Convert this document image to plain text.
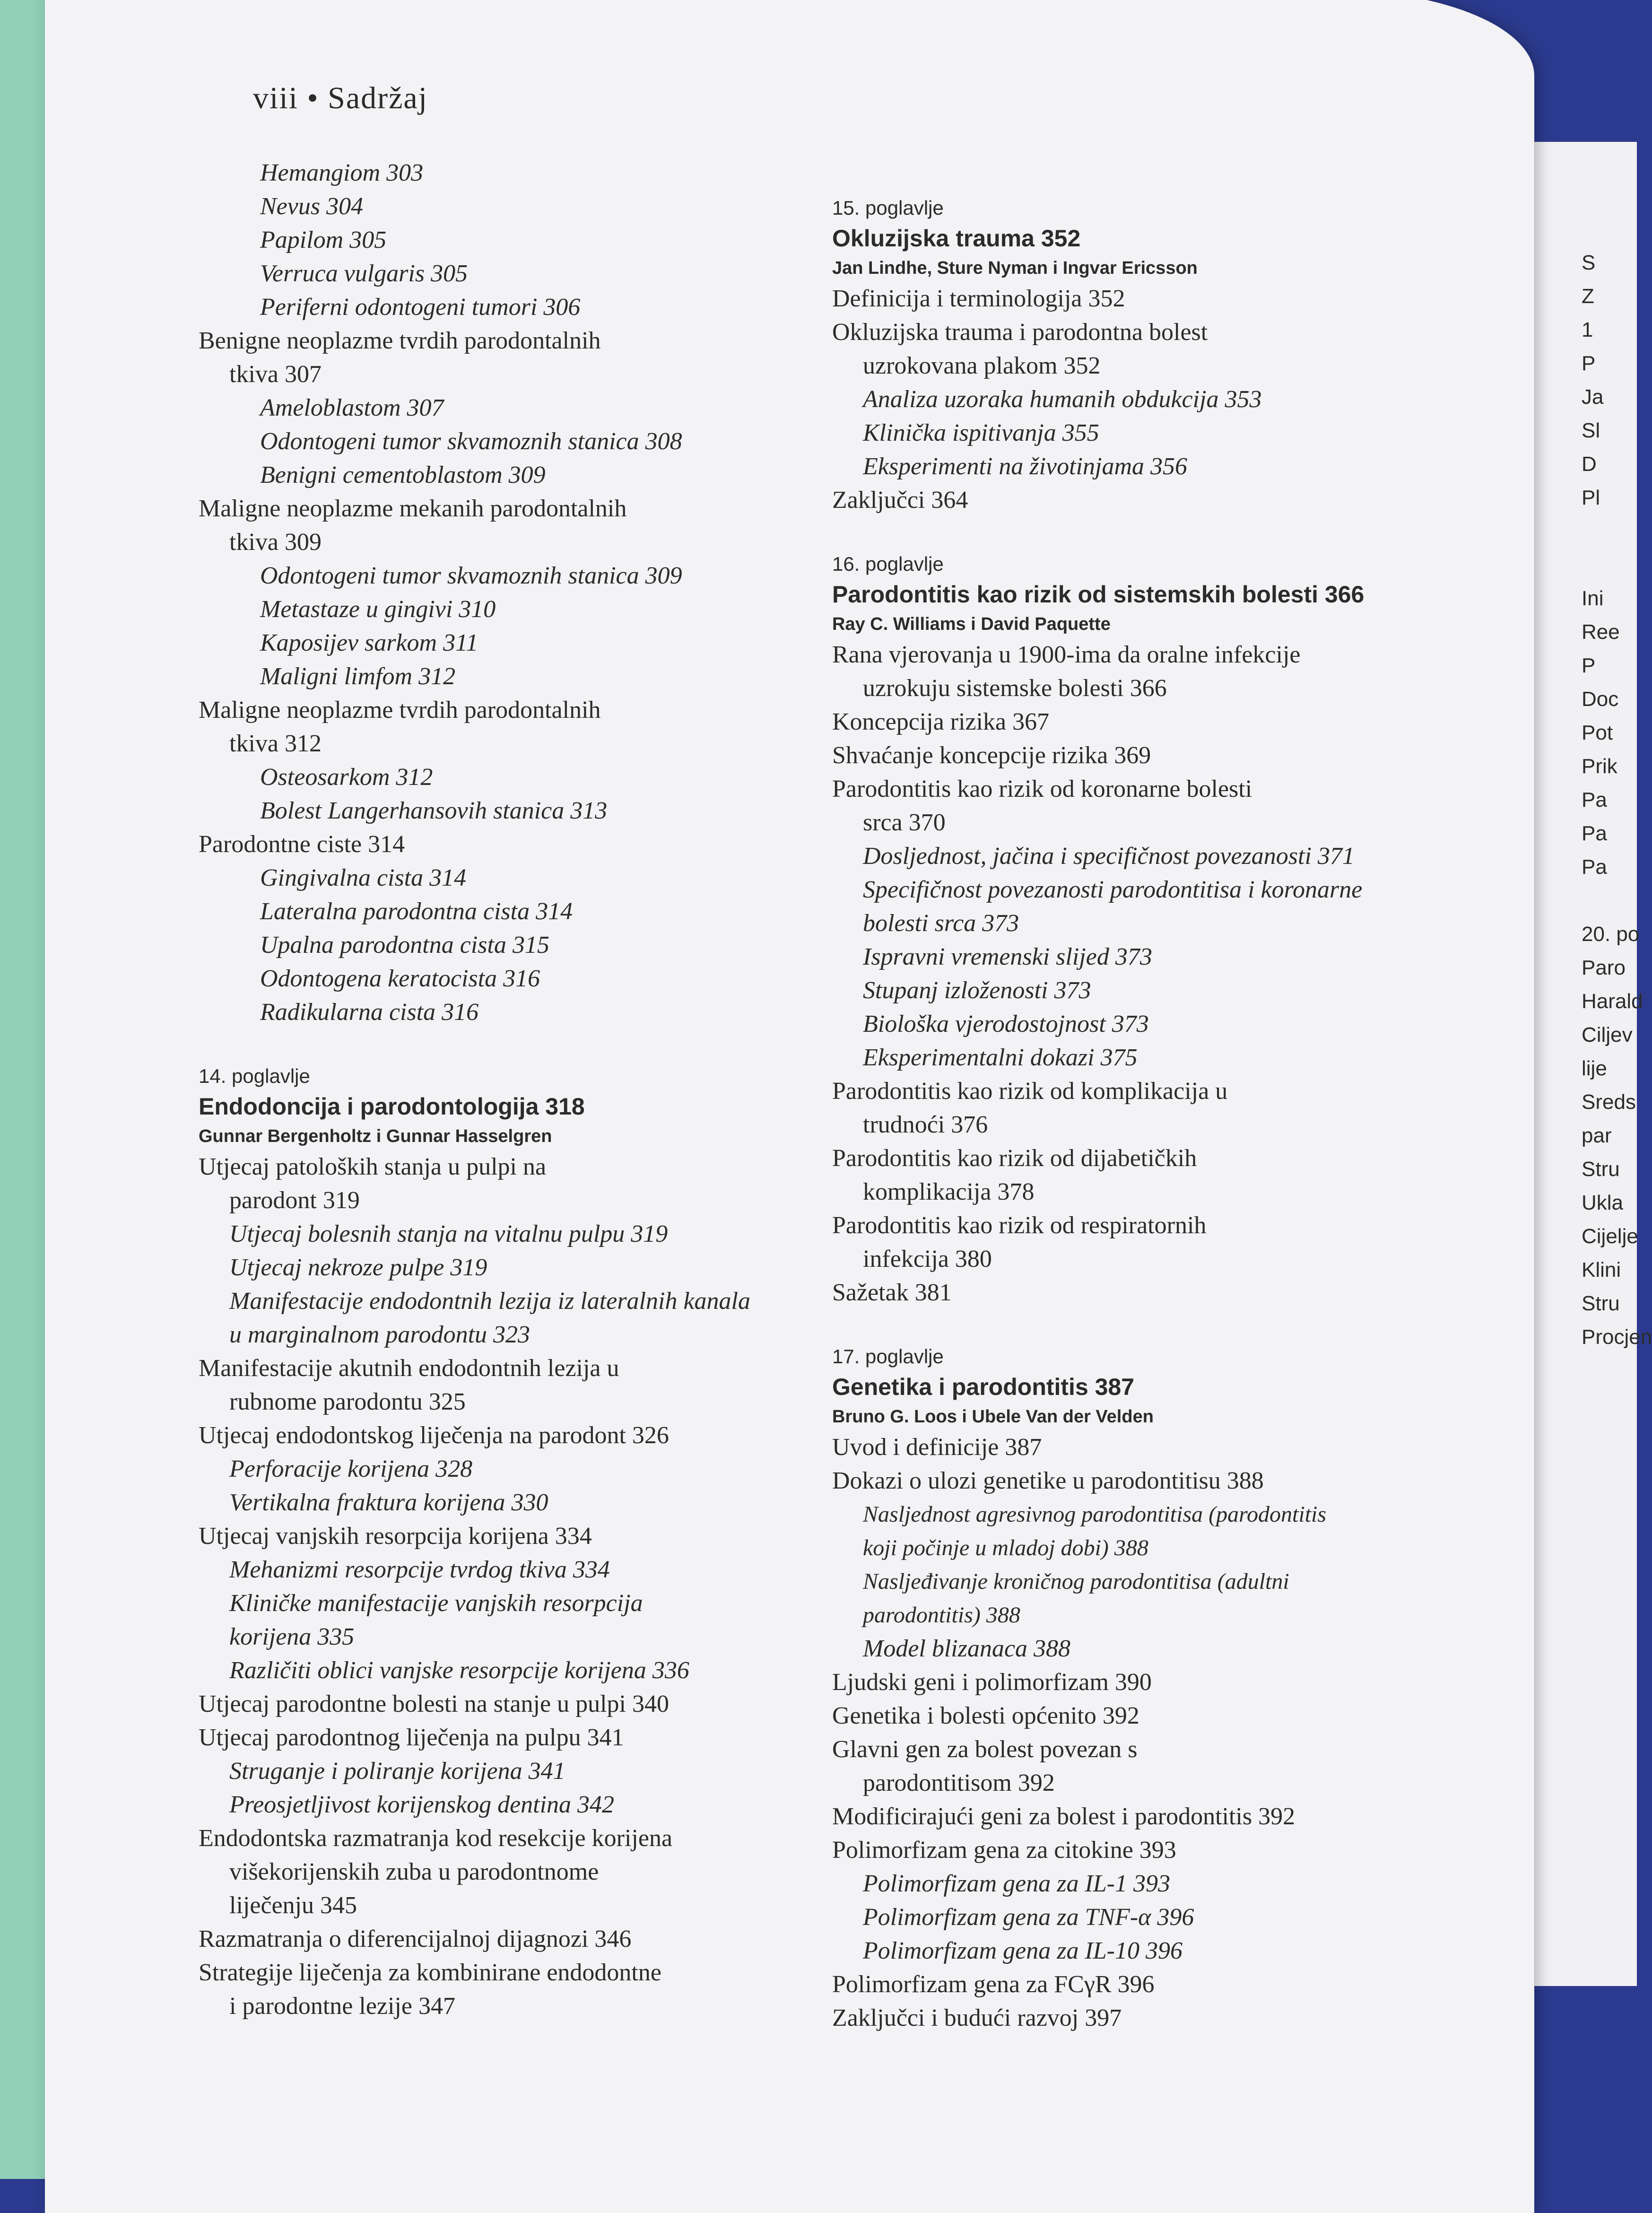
viii • Sadržaj
Hemangiom 303
Nevus 304
Papilom 305
Verruca vulgaris 305
Periferni odontogeni tumori 306
Benigne neoplazme tvrdih parodontalnih
tkiva 307
Ameloblastom 307
Odontogeni tumor skvamoznih stanica 308
Benigni cementoblastom 309
Maligne neoplazme mekanih parodontalnih
tkiva 309
Odontogeni tumor skvamoznih stanica 309
Metastaze u gingivi 310
Kaposijev sarkom 311
Maligni limfom 312
Maligne neoplazme tvrdih parodontalnih
tkiva 312
Osteosarkom 312
Bolest Langerhansovih stanica 313
Parodontne ciste 314
Gingivalna cista 314
Lateralna parodontna cista 314
Upalna parodontna cista 315
Odontogena keratocista 316
Radikularna cista 316
14. poglavlje
Endodoncija i parodontologija 318
Gunnar Bergenholtz i Gunnar Hasselgren
Utjecaj patoloških stanja u pulpi na
parodont 319
Utjecaj bolesnih stanja na vitalnu pulpu 319
Utjecaj nekroze pulpe 319
Manifestacije endodontnih lezija iz lateralnih kanala
u marginalnom parodontu 323
Manifestacije akutnih endodontnih lezija u
rubnome parodontu 325
Utjecaj endodontskog liječenja na parodont 326
Perforacije korijena 328
Vertikalna fraktura korijena 330
Utjecaj vanjskih resorpcija korijena 334
Mehanizmi resorpcije tvrdog tkiva 334
Kliničke manifestacije vanjskih resorpcija
korijena 335
Različiti oblici vanjske resorpcije korijena 336
Utjecaj parodontne bolesti na stanje u pulpi 340
Utjecaj parodontnog liječenja na pulpu 341
Struganje i poliranje korijena 341
Preosjetljivost korijenskog dentina 342
Endodontska razmatranja kod resekcije korijena
višekorijenskih zuba u parodontnome
liječenju 345
Razmatranja o diferencijalnoj dijagnozi 346
Strategije liječenja za kombinirane endodontne
i parodontne lezije 347
15. poglavlje
Okluzijska trauma 352
Jan Lindhe, Sture Nyman i Ingvar Ericsson
Definicija i terminologija 352
Okluzijska trauma i parodontna bolest
uzrokovana plakom 352
Analiza uzoraka humanih obdukcija 353
Klinička ispitivanja 355
Eksperimenti na životinjama 356
Zaključci 364
16. poglavlje
Parodontitis kao rizik od sistemskih bolesti 366
Ray C. Williams i David Paquette
Rana vjerovanja u 1900-ima da oralne infekcije
uzrokuju sistemske bolesti 366
Koncepcija rizika 367
Shvaćanje koncepcije rizika 369
Parodontitis kao rizik od koronarne bolesti
srca 370
Dosljednost, jačina i specifičnost povezanosti 371
Specifičnost povezanosti parodontitisa i koronarne
bolesti srca 373
Ispravni vremenski slijed 373
Stupanj izloženosti 373
Biološka vjerodostojnost 373
Eksperimentalni dokazi 375
Parodontitis kao rizik od komplikacija u
trudnoći 376
Parodontitis kao rizik od dijabetičkih
komplikacija 378
Parodontitis kao rizik od respiratornih
infekcija 380
Sažetak 381
17. poglavlje
Genetika i parodontitis 387
Bruno G. Loos i Ubele Van der Velden
Uvod i definicije 387
Dokazi o ulozi genetike u parodontitisu 388
Nasljednost agresivnog parodontitisa (parodontitis
koji počinje u mladoj dobi) 388
Nasljeđivanje kroničnog parodontitisa (adultni
parodontitis) 388
Model blizanaca 388
Ljudski geni i polimorfizam 390
Genetika i bolesti općenito 392
Glavni gen za bolest povezan s
parodontitisom 392
Modificirajući geni za bolest i parodontitis 392
Polimorfizam gena za citokine 393
Polimorfizam gena za IL-1 393
Polimorfizam gena za TNF-α 396
Polimorfizam gena za IL-10 396
Polimorfizam gena za FCγR 396
Zaključci i budući razvoj 397
S
Z
1
P
Ja
Sl
D
Pl

Ini
Ree
P
Doc
Pot
Prik
Pa
Pa
Pa

20. po
Paro
Harald
Ciljev
lije
Sreds
par
Stru
Ukla
Cijelje
Klini
Stru
Procjen
